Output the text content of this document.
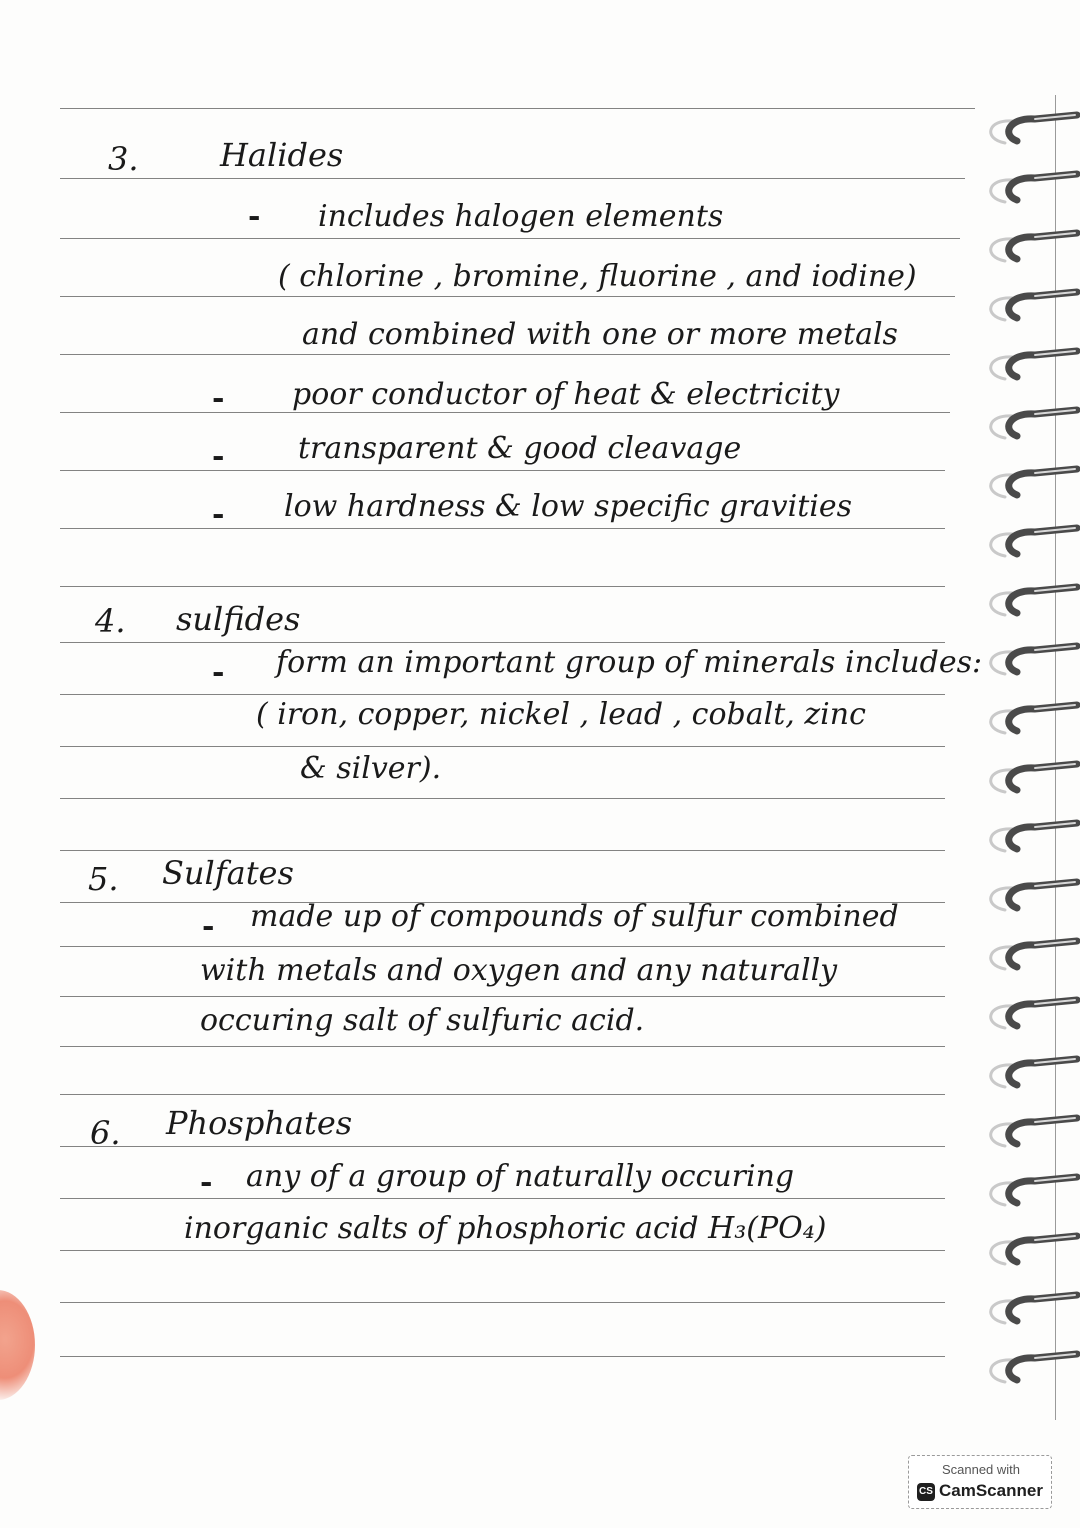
3.	Halides
- includes halogen elements
( chlorine , bromine, fluorine , and iodine)
and combined with one or more metals
- poor conductor of heat & electricity
- transparent & good cleavage
- low hardness & low specific gravities
4. sulfides
- form an important group of minerals includes:
( iron, copper, nickel , lead , cobalt, zinc
& silver).
5. Sulfates
- made up of compounds of sulfur combined
with metals and oxygen and any naturally
occuring salt of sulfuric acid.
6. Phosphates
- any of a group of naturally occuring
inorganic salts of phosphoric acid H₃(PO₄)
Scanned with
CS CamScanner
